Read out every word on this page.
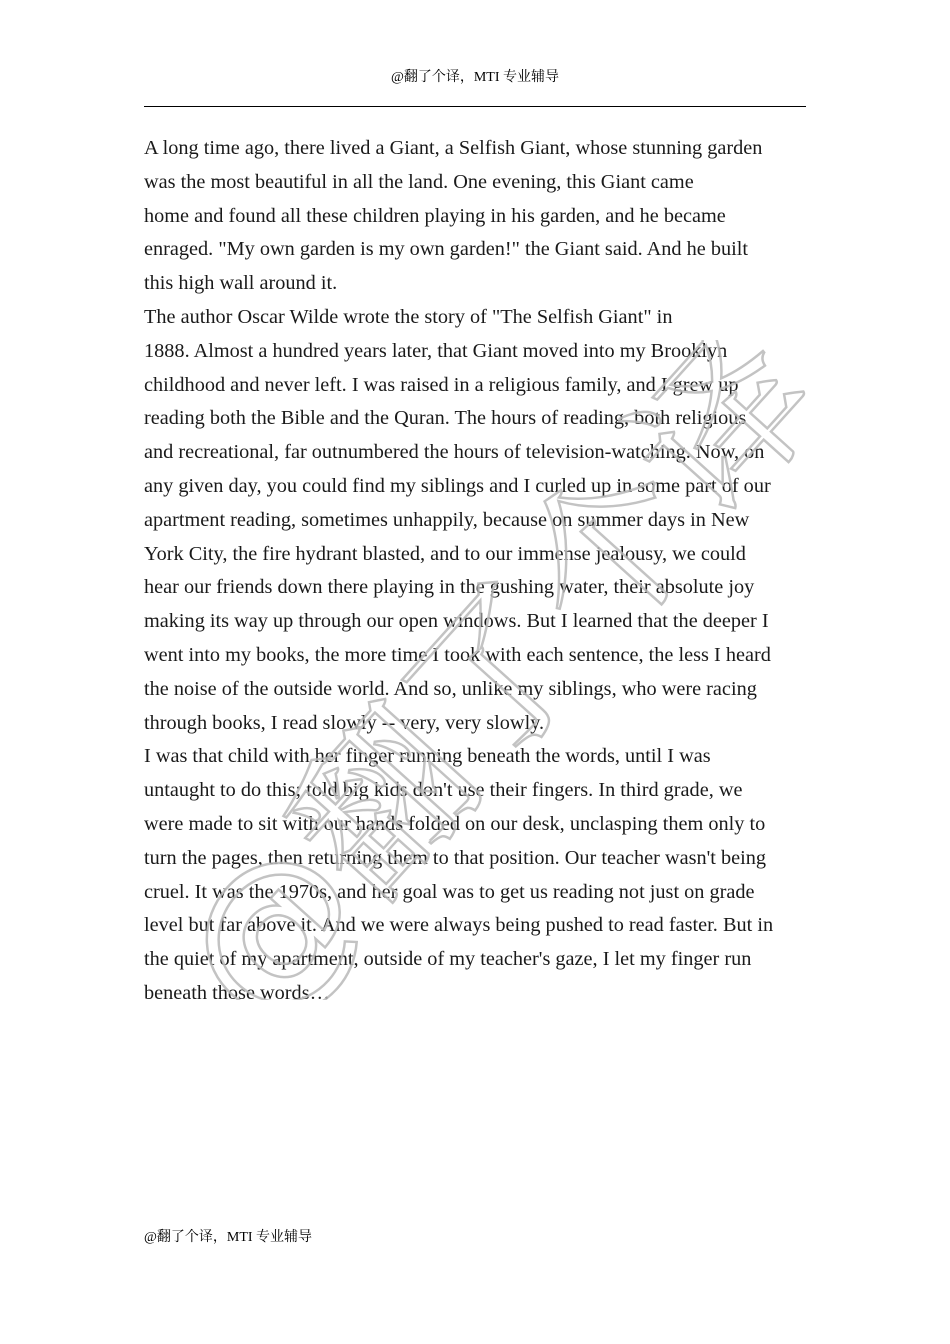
@翻了个译，MTI 专业辅导
A long time ago, there lived a Giant, a Selfish Giant, whose stunning garden
was the most beautiful in all the land. One evening, this Giant came
home and found all these children playing in his garden, and he became
enraged. "My own garden is my own garden!" the Giant said. And he built
this high wall around it.
The author Oscar Wilde wrote the story of "The Selfish Giant" in
1888. Almost a hundred years later, that Giant moved into my Brooklyn
childhood and never left. I was raised in a religious family, and I grew up
reading both the Bible and the Quran. The hours of reading, both religious
and recreational, far outnumbered the hours of television-watching. Now, on
any given day, you could find my siblings and I curled up in some part of our
apartment reading, sometimes unhappily, because on summer days in New
York City, the fire hydrant blasted, and to our immense jealousy, we could
hear our friends down there playing in the gushing water, their absolute joy
making its way up through our open windows. But I learned that the deeper I
went into my books, the more time I took with each sentence, the less I heard
the noise of the outside world. And so, unlike my siblings, who were racing
through books, I read slowly -- very, very slowly.
I was that child with her finger running beneath the words, until I was
untaught to do this; told big kids don't use their fingers. In third grade, we
were made to sit with our hands folded on our desk, unclasping them only to
turn the pages, then returning them to that position. Our teacher wasn't being
cruel. It was the 1970s, and her goal was to get us reading not just on grade
level but far above it. And we were always being pushed to read faster. But in
the quiet of my apartment, outside of my teacher's gaze, I let my finger run
beneath those words…
@翻了个译
@翻了个译，MTI 专业辅导
